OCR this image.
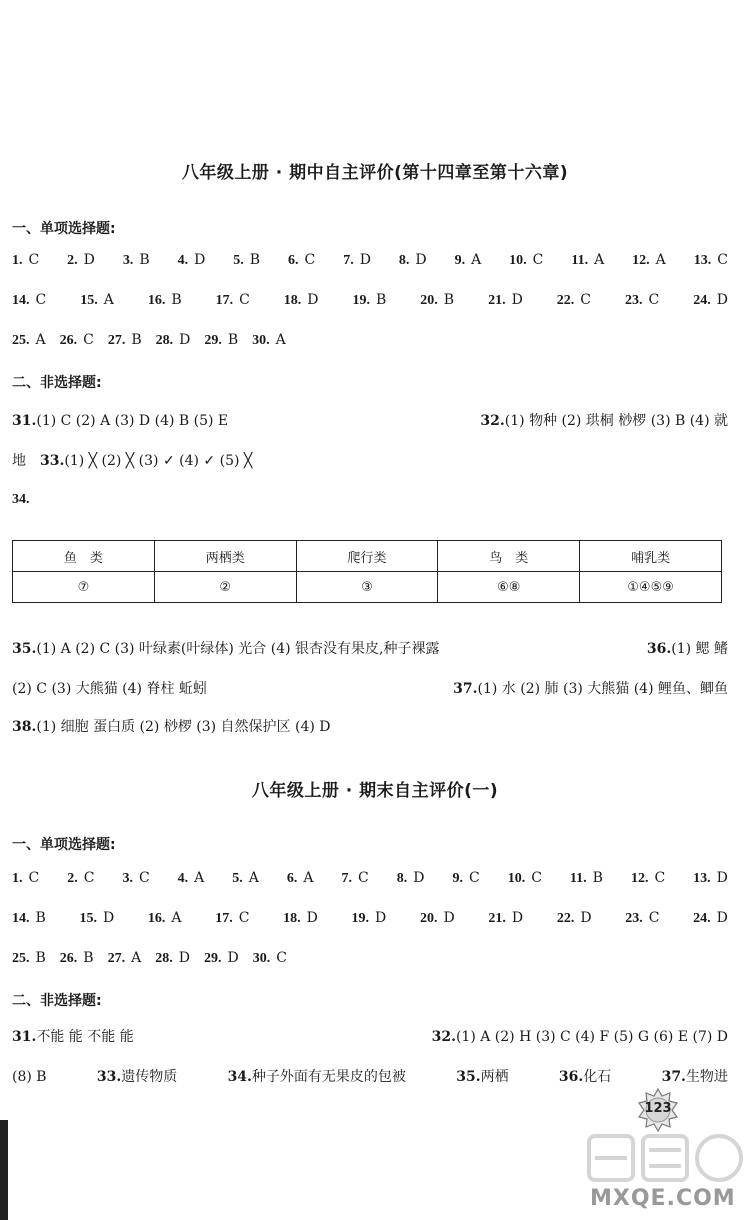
八年级上册 · 期中自主评价(第十四章至第十六章)
一、单项选择题:
1. C 2. D 3. B 4. D 5. B 6. C 7. D 8. D 9. A 10. C 11. A 12. A 13. C
14. C 15. A 16. B 17. C 18. D 19. B 20. B 21. D 22. C 23. C 24. D
25. A 26. C 27. B 28. D 29. B 30. A
二、非选择题:
31.(1) C (2) A (3) D (4) B (5) E	32.(1) 物种 (2) 珙桐 桫椤 (3) B (4) 就
地 33.(1) ╳ (2) ╳ (3) ✓ (4) ✓ (5) ╳
34.
鱼　类	两栖类	爬行类	鸟　类	哺乳类
⑦	②	③	⑥⑧	①④⑤⑨
35.(1) A (2) C (3) 叶绿素(叶绿体) 光合 (4) 银杏没有果皮,种子裸露	36.(1) 鳃 鳍
(2) C (3) 大熊猫 (4) 脊柱 蚯蚓	37.(1) 水 (2) 肺 (3) 大熊猫 (4) 鲤鱼、鲫鱼
38.(1) 细胞 蛋白质 (2) 桫椤 (3) 自然保护区 (4) D
八年级上册 · 期末自主评价(一)
一、单项选择题:
1. C 2. C 3. C 4. A 5. A 6. A 7. C 8. D 9. C 10. C 11. B 12. C 13. D
14. B 15. D 16. A 17. C 18. D 19. D 20. D 21. D 22. D 23. C 24. D
25. B 26. B 27. A 28. D 29. D 30. C
二、非选择题:
31.不能 能 不能 能	32.(1) A (2) H (3) C (4) F (5) G (6) E (7) D
(8) B	33.遗传物质	34.种子外面有无果皮的包被	35.两栖	36.化石	37.生物进
123
MXQE.COM
